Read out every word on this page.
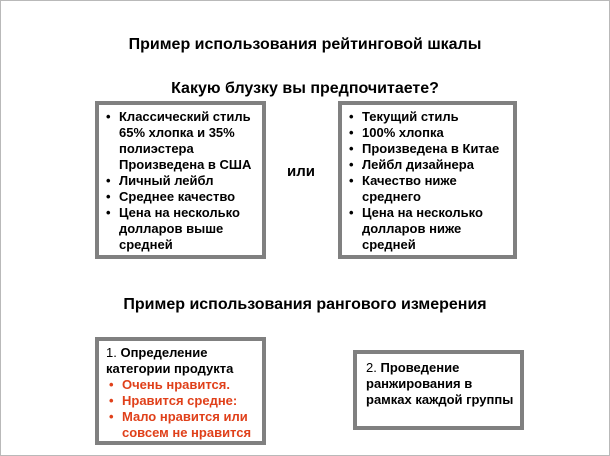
Пример использования рейтинговой шкалы
Какую блузку вы предпочитаете?
• Классический стиль 65% хлопка и 35% полиэстера Произведена в США
• Личный лейбл
• Среднее качество
• Цена на несколько долларов выше средней
или
• Текущий стиль
• 100% хлопка
• Произведена в Китае
• Лейбл дизайнера
• Качество ниже среднего
• Цена на несколько долларов ниже средней
Пример использования рангового измерения
1. Определение категории продукта
• Очень нравится.
• Нравится средне:
• Мало нравится или совсем не нравится
2. Проведение ранжирования в рамках каждой группы
